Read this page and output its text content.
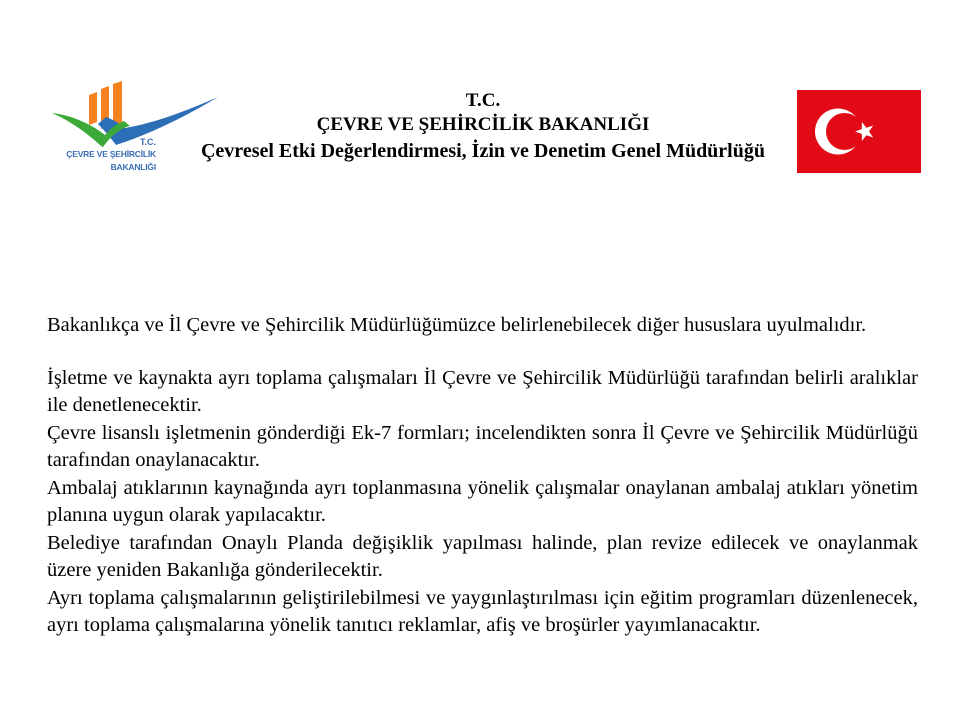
T.C.
ÇEVRE VE ŞEHİRCİLİK
BAKANLIĞI
T.C.
ÇEVRE VE ŞEHİRCİLİK BAKANLIĞI
Çevresel Etki Değerlendirmesi, İzin ve Denetim Genel Müdürlüğü

Bakanlıkça ve İl Çevre ve Şehircilik Müdürlüğümüzce belirlenebilecek diğer hususlara uyulmalıdır.

İşletme ve kaynakta ayrı toplama çalışmaları İl Çevre ve Şehircilik Müdürlüğü tarafından belirli aralıklar ile denetlenecektir.

Çevre lisanslı işletmenin gönderdiği Ek-7 formları; incelendikten sonra İl Çevre ve Şehircilik Müdürlüğü tarafından onaylanacaktır.

Ambalaj atıklarının kaynağında ayrı toplanmasına yönelik çalışmalar onaylanan ambalaj atıkları yönetim planına uygun olarak yapılacaktır.

Belediye tarafından Onaylı Planda değişiklik yapılması halinde, plan revize edilecek ve onaylanmak üzere yeniden Bakanlığa gönderilecektir.

Ayrı toplama çalışmalarının geliştirilebilmesi ve yaygınlaştırılması için eğitim programları düzenlenecek, ayrı toplama çalışmalarına yönelik tanıtıcı reklamlar, afiş ve broşürler yayımlanacaktır.
